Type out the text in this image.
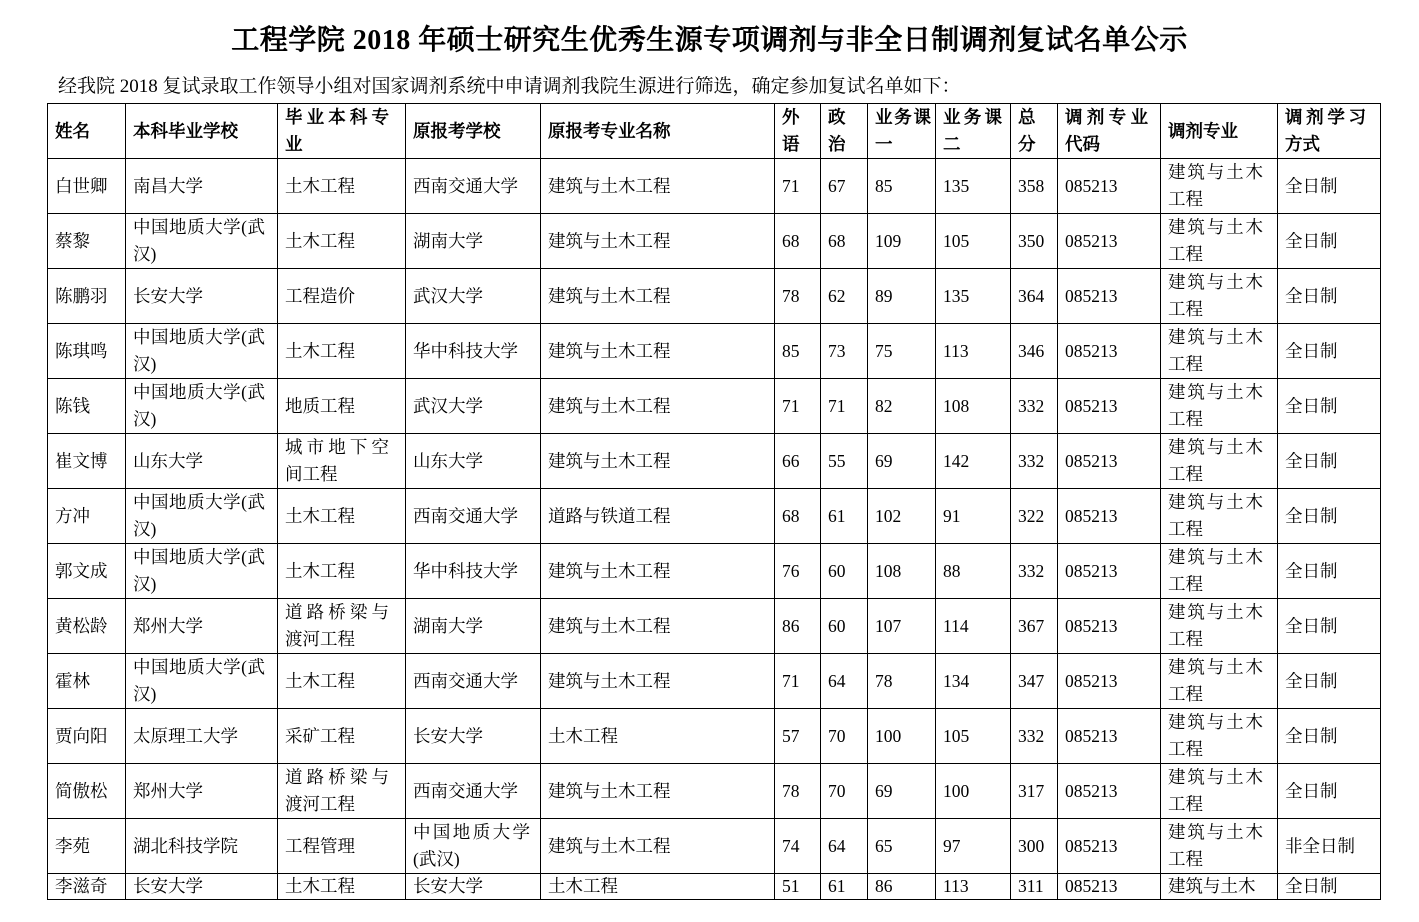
工程学院 2018 年硕士研究生优秀生源专项调剂与非全日制调剂复试名单公示

经我院 2018 复试录取工作领导小组对国家调剂系统中申请调剂我院生源进行筛选，确定参加复试名单如下：

姓名	本科毕业学校	毕业本科专业	原报考学校	原报考专业名称	外语	政治	业务课一	业务课二	总分	调剂专业代码	调剂专业	调剂学习方式
白世卿	南昌大学	土木工程	西南交通大学	建筑与土木工程	71	67	85	135	358	085213	建筑与土木工程	全日制
蔡黎	中国地质大学(武汉)	土木工程	湖南大学	建筑与土木工程	68	68	109	105	350	085213	建筑与土木工程	全日制
陈鹏羽	长安大学	工程造价	武汉大学	建筑与土木工程	78	62	89	135	364	085213	建筑与土木工程	全日制
陈琪鸣	中国地质大学(武汉)	土木工程	华中科技大学	建筑与土木工程	85	73	75	113	346	085213	建筑与土木工程	全日制
陈钱	中国地质大学(武汉)	地质工程	武汉大学	建筑与土木工程	71	71	82	108	332	085213	建筑与土木工程	全日制
崔文博	山东大学	城市地下空间工程	山东大学	建筑与土木工程	66	55	69	142	332	085213	建筑与土木工程	全日制
方冲	中国地质大学(武汉)	土木工程	西南交通大学	道路与铁道工程	68	61	102	91	322	085213	建筑与土木工程	全日制
郭文成	中国地质大学(武汉)	土木工程	华中科技大学	建筑与土木工程	76	60	108	88	332	085213	建筑与土木工程	全日制
黄松龄	郑州大学	道路桥梁与渡河工程	湖南大学	建筑与土木工程	86	60	107	114	367	085213	建筑与土木工程	全日制
霍林	中国地质大学(武汉)	土木工程	西南交通大学	建筑与土木工程	71	64	78	134	347	085213	建筑与土木工程	全日制
贾向阳	太原理工大学	采矿工程	长安大学	土木工程	57	70	100	105	332	085213	建筑与土木工程	全日制
简傲松	郑州大学	道路桥梁与渡河工程	西南交通大学	建筑与土木工程	78	70	69	100	317	085213	建筑与土木工程	全日制
李苑	湖北科技学院	工程管理	中国地质大学(武汉)	建筑与土木工程	74	64	65	97	300	085213	建筑与土木工程	非全日制
李滋奇	长安大学	土木工程	长安大学	土木工程	51	61	86	113	311	085213	建筑与土木	全日制
